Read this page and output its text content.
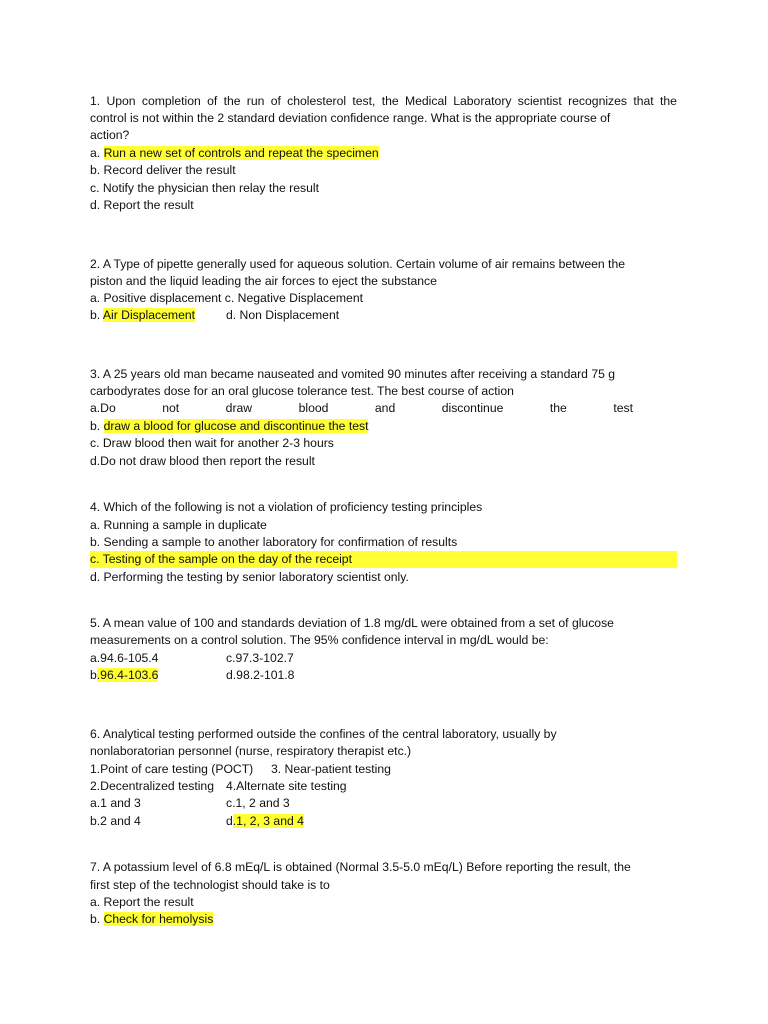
1. Upon completion of the run of cholesterol test, the Medical Laboratory scientist recognizes that the
control is not within the 2 standard deviation confidence range. What is the appropriate course of
action?
a. Run a new set of controls and repeat the specimen
b. Record deliver the result
c. Notify the physician then relay the result
d. Report the result
2. A Type of pipette generally used for aqueous solution. Certain volume of air remains between the
piston and the liquid leading the air forces to eject the substance
a. Positive displacement c. Negative Displacement
b. Air Displacement	d. Non Displacement
3. A 25 years old man became nauseated and vomited 90 minutes after receiving a standard 75 g
carbodyrates dose for an oral glucose tolerance test. The best course of action
a.Do	not	draw	blood	and	discontinue	the	test
b. draw a blood for glucose and discontinue the test
c. Draw blood then wait for another 2-3 hours
d.Do not draw blood then report the result
4. Which of the following is not a violation of proficiency testing principles
a. Running a sample in duplicate
b. Sending a sample to another laboratory for confirmation of results
c. Testing of the sample on the day of the receipt
d. Performing the testing by senior laboratory scientist only.
5. A mean value of 100 and standards deviation of 1.8 mg/dL were obtained from a set of glucose
measurements on a control solution. The 95% confidence interval in mg/dL would be:
a.94.6-105.4	c.97.3-102.7
b.96.4-103.6	d.98.2-101.8
6. Analytical testing performed outside the confines of the central laboratory, usually by
nonlaboratorian personnel (nurse, respiratory therapist etc.)
1.Point of care testing (POCT) 3. Near-patient testing
2.Decentralized testing 4.Alternate site testing
a.1 and 3	c.1, 2 and 3
b.2 and 4	d.1, 2, 3 and 4
7. A potassium level of 6.8 mEq/L is obtained (Normal 3.5-5.0 mEq/L) Before reporting the result, the
first step of the technologist should take is to
a. Report the result
b. Check for hemolysis
